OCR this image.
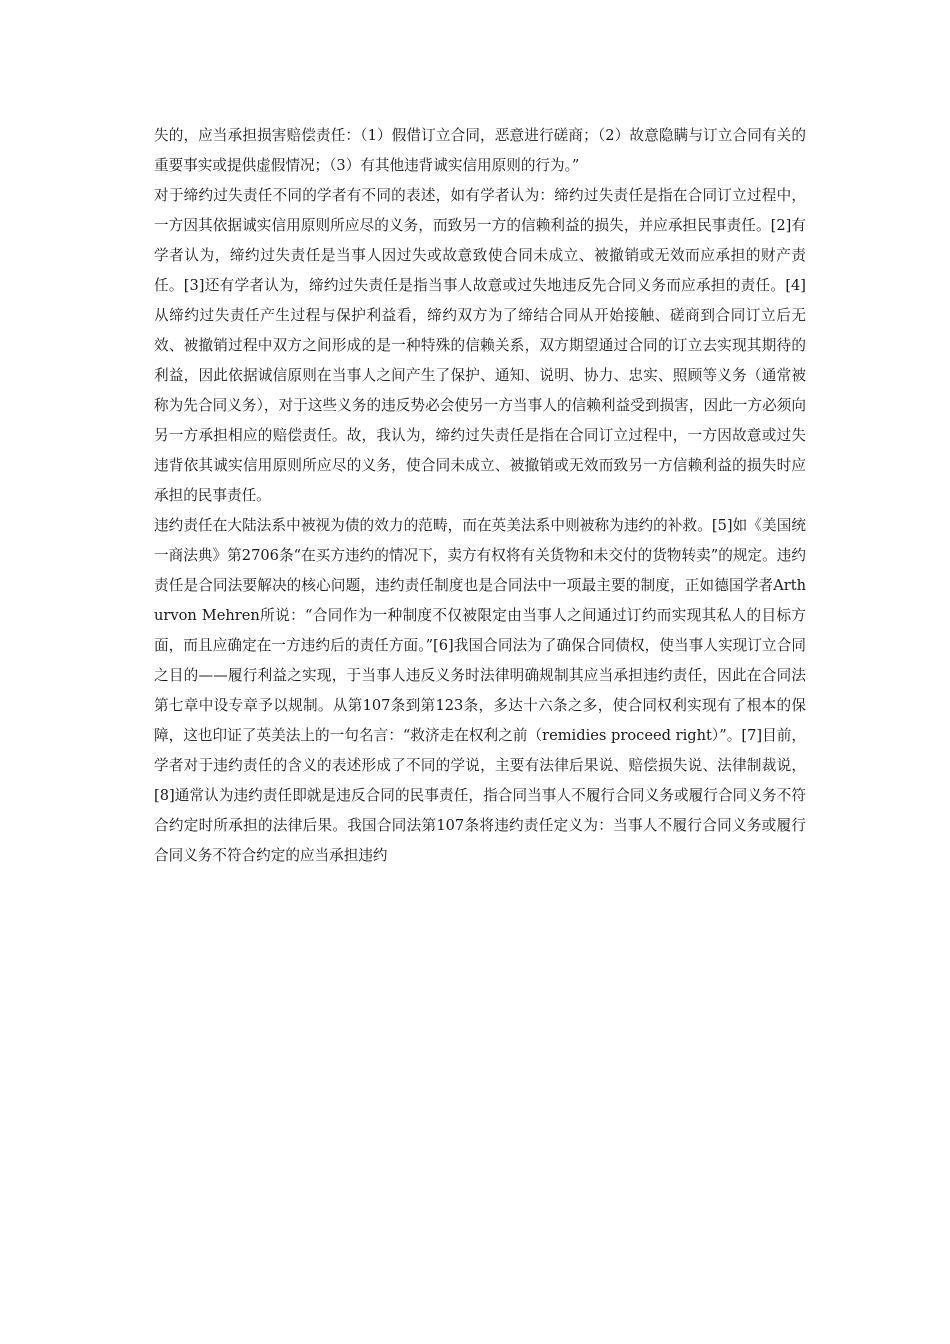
失的，应当承担损害赔偿责任：（1）假借订立合同，恶意进行磋商；（2）故意隐瞒与订立合同有关的重要事实或提供虚假情况；（3）有其他违背诚实信用原则的行为。”

对于缔约过失责任不同的学者有不同的表述，如有学者认为：缔约过失责任是指在合同订立过程中，一方因其依据诚实信用原则所应尽的义务，而致另一方的信赖利益的损失，并应承担民事责任。[2]有学者认为，缔约过失责任是当事人因过失或故意致使合同未成立、被撤销或无效而应承担的财产责任。[3]还有学者认为，缔约过失责任是指当事人故意或过失地违反先合同义务而应承担的责任。[4]从缔约过失责任产生过程与保护利益看，缔约双方为了缔结合同从开始接触、磋商到合同订立后无效、被撤销过程中双方之间形成的是一种特殊的信赖关系，双方期望通过合同的订立去实现其期待的利益，因此依据诚信原则在当事人之间产生了保护、通知、说明、协力、忠实、照顾等义务（通常被称为先合同义务），对于这些义务的违反势必会使另一方当事人的信赖利益受到损害，因此一方必须向另一方承担相应的赔偿责任。故，我认为，缔约过失责任是指在合同订立过程中，一方因故意或过失违背依其诚实信用原则所应尽的义务，使合同未成立、被撤销或无效而致另一方信赖利益的损失时应承担的民事责任。

违约责任在大陆法系中被视为债的效力的范畴，而在英美法系中则被称为违约的补救。[5]如《美国统一商法典》第2706条“在买方违约的情况下，卖方有权将有关货物和未交付的货物转卖”的规定。违约责任是合同法要解决的核心问题，违约责任制度也是合同法中一项最主要的制度，正如德国学者Arthurvon Mehren所说：“合同作为一种制度不仅被限定由当事人之间通过订约而实现其私人的目标方面，而且应确定在一方违约后的责任方面。”[6]我国合同法为了确保合同债权，使当事人实现订立合同之目的——履行利益之实现，于当事人违反义务时法律明确规制其应当承担违约责任，因此在合同法第七章中设专章予以规制。从第107条到第123条，多达十六条之多，使合同权利实现有了根本的保障，这也印证了英美法上的一句名言：“救济走在权利之前（remidies proceed right）”。[7]目前，学者对于违约责任的含义的表述形成了不同的学说，主要有法律后果说、赔偿损失说、法律制裁说，[8]通常认为违约责任即就是违反合同的民事责任，指合同当事人不履行合同义务或履行合同义务不符合约定时所承担的法律后果。我国合同法第107条将违约责任定义为：当事人不履行合同义务或履行合同义务不符合约定的应当承担违约
